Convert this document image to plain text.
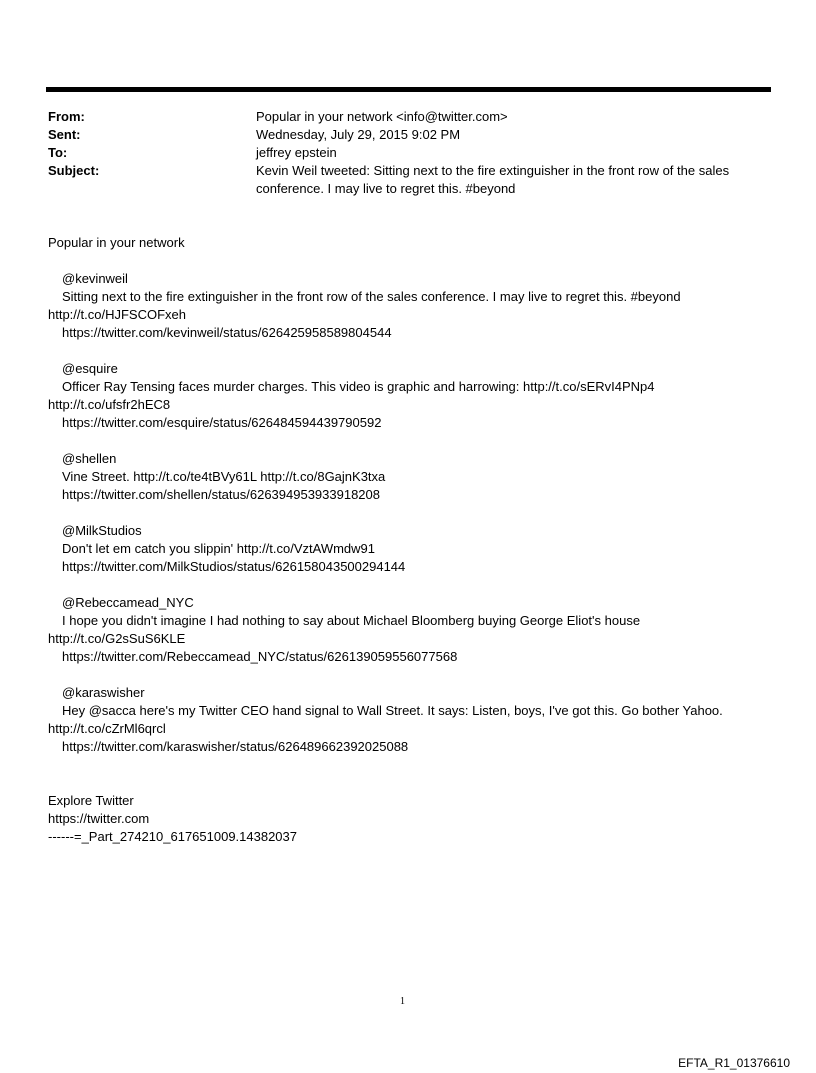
From:	Popular in your network <info@twitter.com>
Sent:	Wednesday, July 29, 2015 9:02 PM
To:	jeffrey epstein
Subject:	Kevin Weil tweeted: Sitting next to the fire extinguisher in the front row of the sales conference. I may live to regret this. #beyond
Popular in your network
@kevinweil
Sitting next to the fire extinguisher in the front row of the sales conference. I may live to regret this. #beyond
http://t.co/HJFSCOFxeh
https://twitter.com/kevinweil/status/626425958589804544
@esquire
Officer Ray Tensing faces murder charges. This video is graphic and harrowing: http://t.co/sERvI4PNp4
http://t.co/ufsfr2hEC8
https://twitter.com/esquire/status/626484594439790592
@shellen
Vine Street. http://t.co/te4tBVy61L http://t.co/8GajnK3txa
https://twitter.com/shellen/status/626394953933918208
@MilkStudios
Don't let em catch you slippin' http://t.co/VztAWmdw91
https://twitter.com/MilkStudios/status/626158043500294144
@Rebeccamead_NYC
I hope you didn't imagine I had nothing to say about Michael Bloomberg buying George Eliot's house
http://t.co/G2sSuS6KLE
https://twitter.com/Rebeccamead_NYC/status/626139059556077568
@karaswisher
Hey @sacca here's my Twitter CEO hand signal to Wall Street. It says: Listen, boys, I've got this. Go bother Yahoo.
http://t.co/cZrMl6qrcl
https://twitter.com/karaswisher/status/626489662392025088
Explore Twitter
https://twitter.com
------=_Part_274210_617651009.14382037
1
EFTA_R1_01376610
